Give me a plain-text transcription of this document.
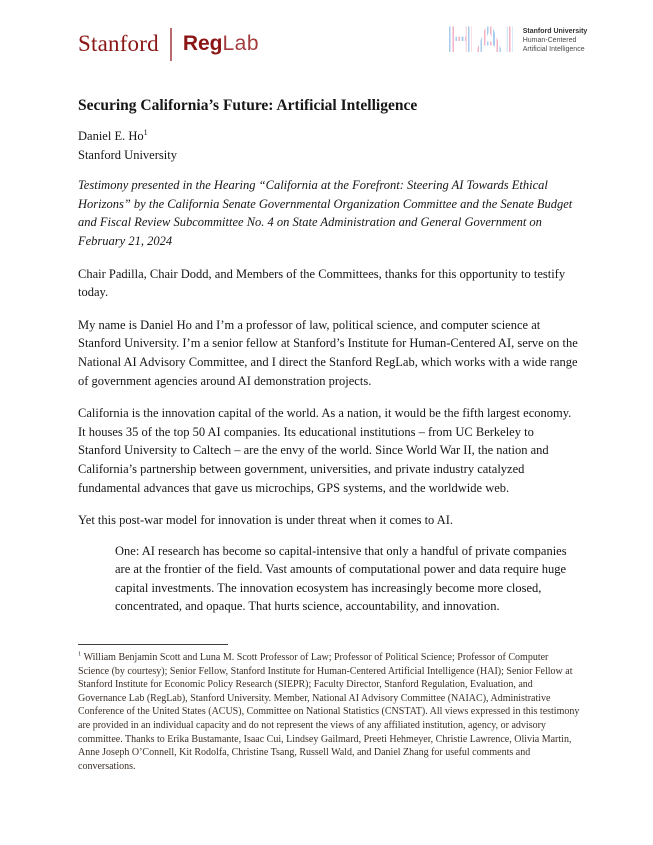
Stanford RegLab	HAI Stanford University
Human-Centered
Artificial Intelligence
Securing California’s Future: Artificial Intelligence

Daniel E. Ho$^1$

Stanford University

Testimony presented in the Hearing “California at the Forefront: Steering AI Towards Ethical Horizons” by the California Senate Governmental Organization Committee and the Senate Budget and Fiscal Review Subcommittee No. 4 on State Administration and General Government on February 21, 2024

Chair Padilla, Chair Dodd, and Members of the Committees, thanks for this opportunity to testify today.

My name is Daniel Ho and I’m a professor of law, political science, and computer science at Stanford University. I’m a senior fellow at Stanford’s Institute for Human-Centered AI, serve on the National AI Advisory Committee, and I direct the Stanford RegLab, which works with a wide range of government agencies around AI demonstration projects.

California is the innovation capital of the world. As a nation, it would be the fifth largest economy. It houses 35 of the top 50 AI companies. Its educational institutions – from UC Berkeley to Stanford University to Caltech – are the envy of the world. Since World War II, the nation and California’s partnership between government, universities, and private industry catalyzed fundamental advances that gave us microchips, GPS systems, and the worldwide web.

Yet this post-war model for innovation is under threat when it comes to AI.

One: AI research has become so capital-intensive that only a handful of private companies are at the frontier of the field. Vast amounts of computational power and data require huge capital investments. The innovation ecosystem has increasingly become more closed, concentrated, and opaque. That hurts science, accountability, and innovation.

$^1$ William Benjamin Scott and Luna M. Scott Professor of Law; Professor of Political Science; Professor of Computer Science (by courtesy); Senior Fellow, Stanford Institute for Human-Centered Artificial Intelligence (HAI); Senior Fellow at Stanford Institute for Economic Policy Research (SIEPR); Faculty Director, Stanford Regulation, Evaluation, and Governance Lab (RegLab), Stanford University. Member, National AI Advisory Committee (NAIAC), Administrative Conference of the United States (ACUS), Committee on National Statistics (CNSTAT). All views expressed in this testimony are provided in an individual capacity and do not represent the views of any affiliated institution, agency, or advisory committee. Thanks to Erika Bustamante, Isaac Cui, Lindsey Gailmard, Preeti Hehmeyer, Christie Lawrence, Olivia Martin, Anne Joseph O’Connell, Kit Rodolfa, Christine Tsang, Russell Wald, and Daniel Zhang for useful comments and conversations.
